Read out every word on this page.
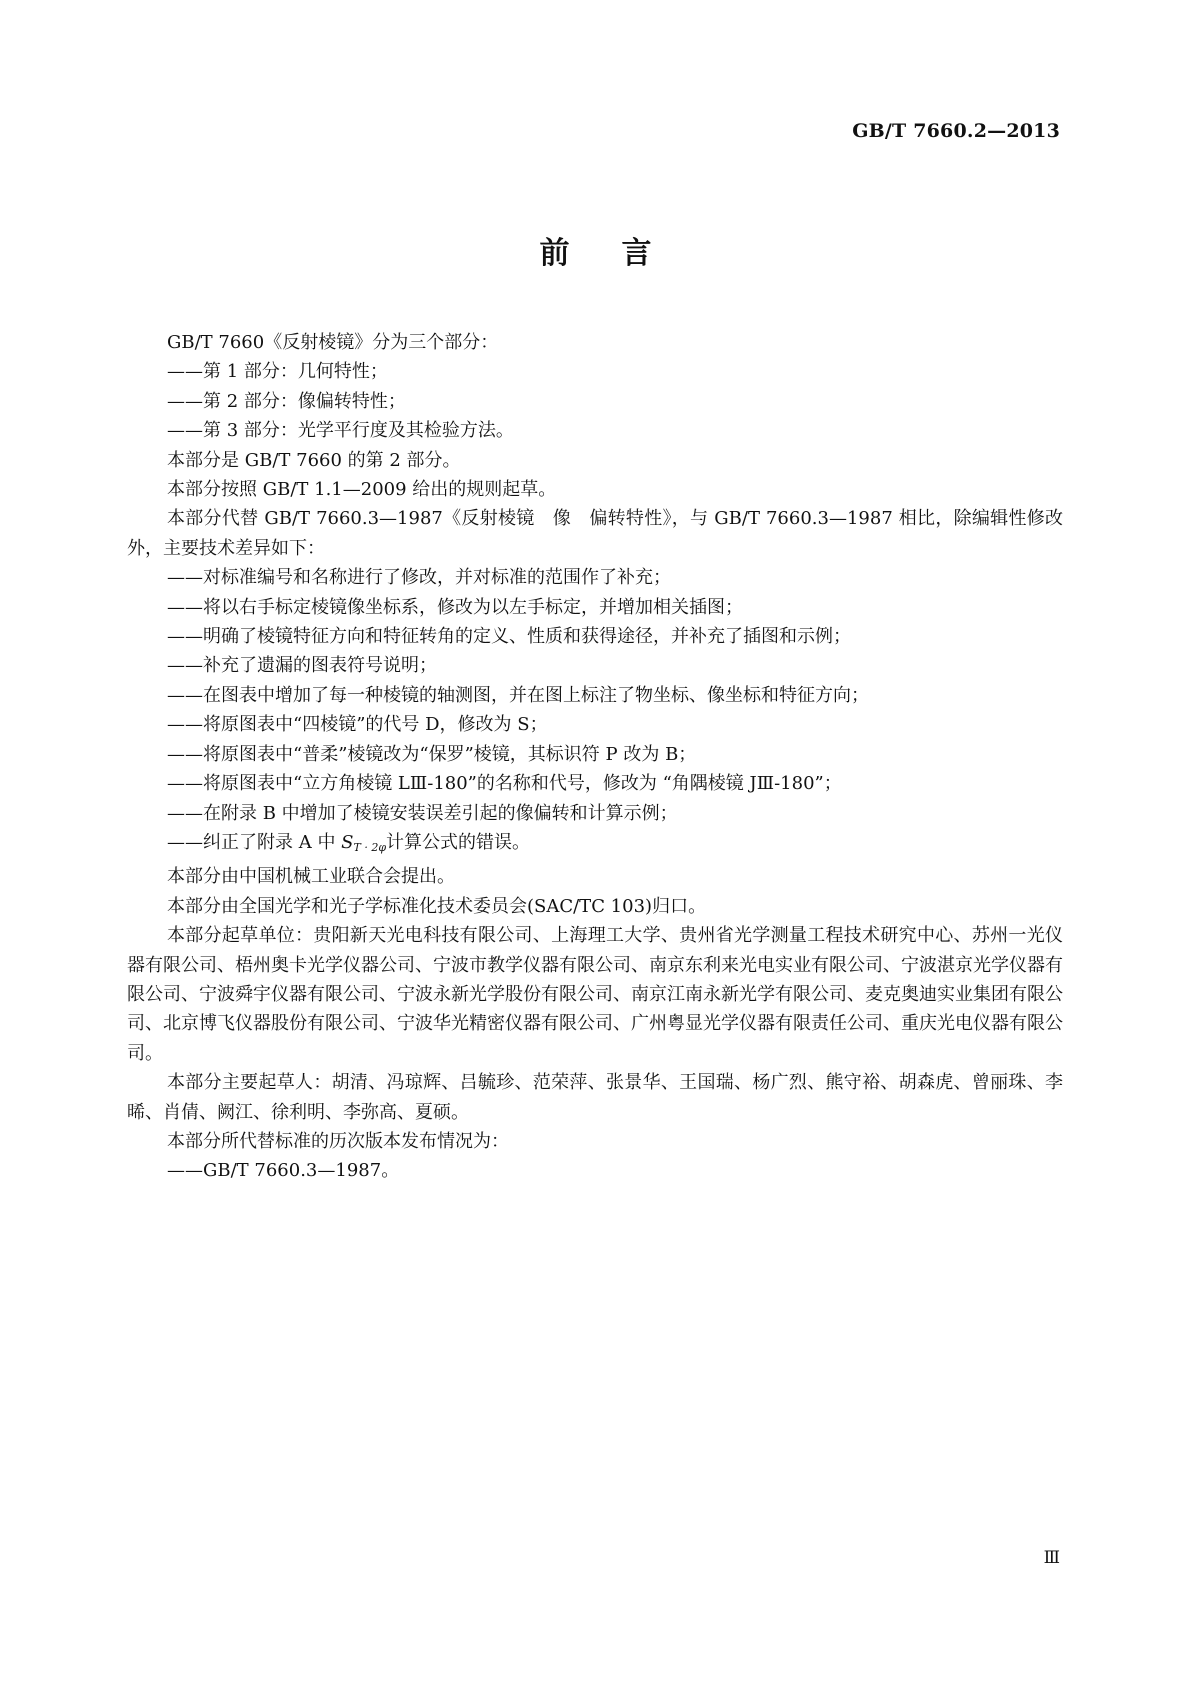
GB/T 7660.2—2013
前言

GB/T 7660《反射棱镜》分为三个部分：

——第 1 部分：几何特性；

——第 2 部分：像偏转特性；

——第 3 部分：光学平行度及其检验方法。

本部分是 GB/T 7660 的第 2 部分。

本部分按照 GB/T 1.1—2009 给出的规则起草。

本部分代替 GB/T 7660.3—1987《反射棱镜　像　偏转特性》，与 GB/T 7660.3—1987 相比，除编辑性修改外，主要技术差异如下：

——对标准编号和名称进行了修改，并对标准的范围作了补充；

——将以右手标定棱镜像坐标系，修改为以左手标定，并增加相关插图；

——明确了棱镜特征方向和特征转角的定义、性质和获得途径，并补充了插图和示例；

——补充了遗漏的图表符号说明；

——在图表中增加了每一种棱镜的轴测图，并在图上标注了物坐标、像坐标和特征方向；

——将原图表中“四棱镜”的代号 D，修改为 S；

——将原图表中“普柔”棱镜改为“保罗”棱镜，其标识符 P 改为 B；

——将原图表中“立方角棱镜 LⅢ-180”的名称和代号，修改为 “角隅棱镜 JⅢ-180”；

——在附录 B 中增加了棱镜安装误差引起的像偏转和计算示例；

——纠正了附录 A 中 ST · 2φ计算公式的错误。

本部分由中国机械工业联合会提出。

本部分由全国光学和光子学标准化技术委员会(SAC/TC 103)归口。

本部分起草单位：贵阳新天光电科技有限公司、上海理工大学、贵州省光学测量工程技术研究中心、苏州一光仪器有限公司、梧州奥卡光学仪器公司、宁波市教学仪器有限公司、南京东利来光电实业有限公司、宁波湛京光学仪器有限公司、宁波舜宇仪器有限公司、宁波永新光学股份有限公司、南京江南永新光学有限公司、麦克奥迪实业集团有限公司、北京博飞仪器股份有限公司、宁波华光精密仪器有限公司、广州粤显光学仪器有限责任公司、重庆光电仪器有限公司。

本部分主要起草人：胡清、冯琼辉、吕毓珍、范荣萍、张景华、王国瑞、杨广烈、熊守裕、胡森虎、曾丽珠、李晞、肖倩、阙江、徐利明、李弥高、夏硕。

本部分所代替标准的历次版本发布情况为：

——GB/T 7660.3—1987。

Ⅲ
